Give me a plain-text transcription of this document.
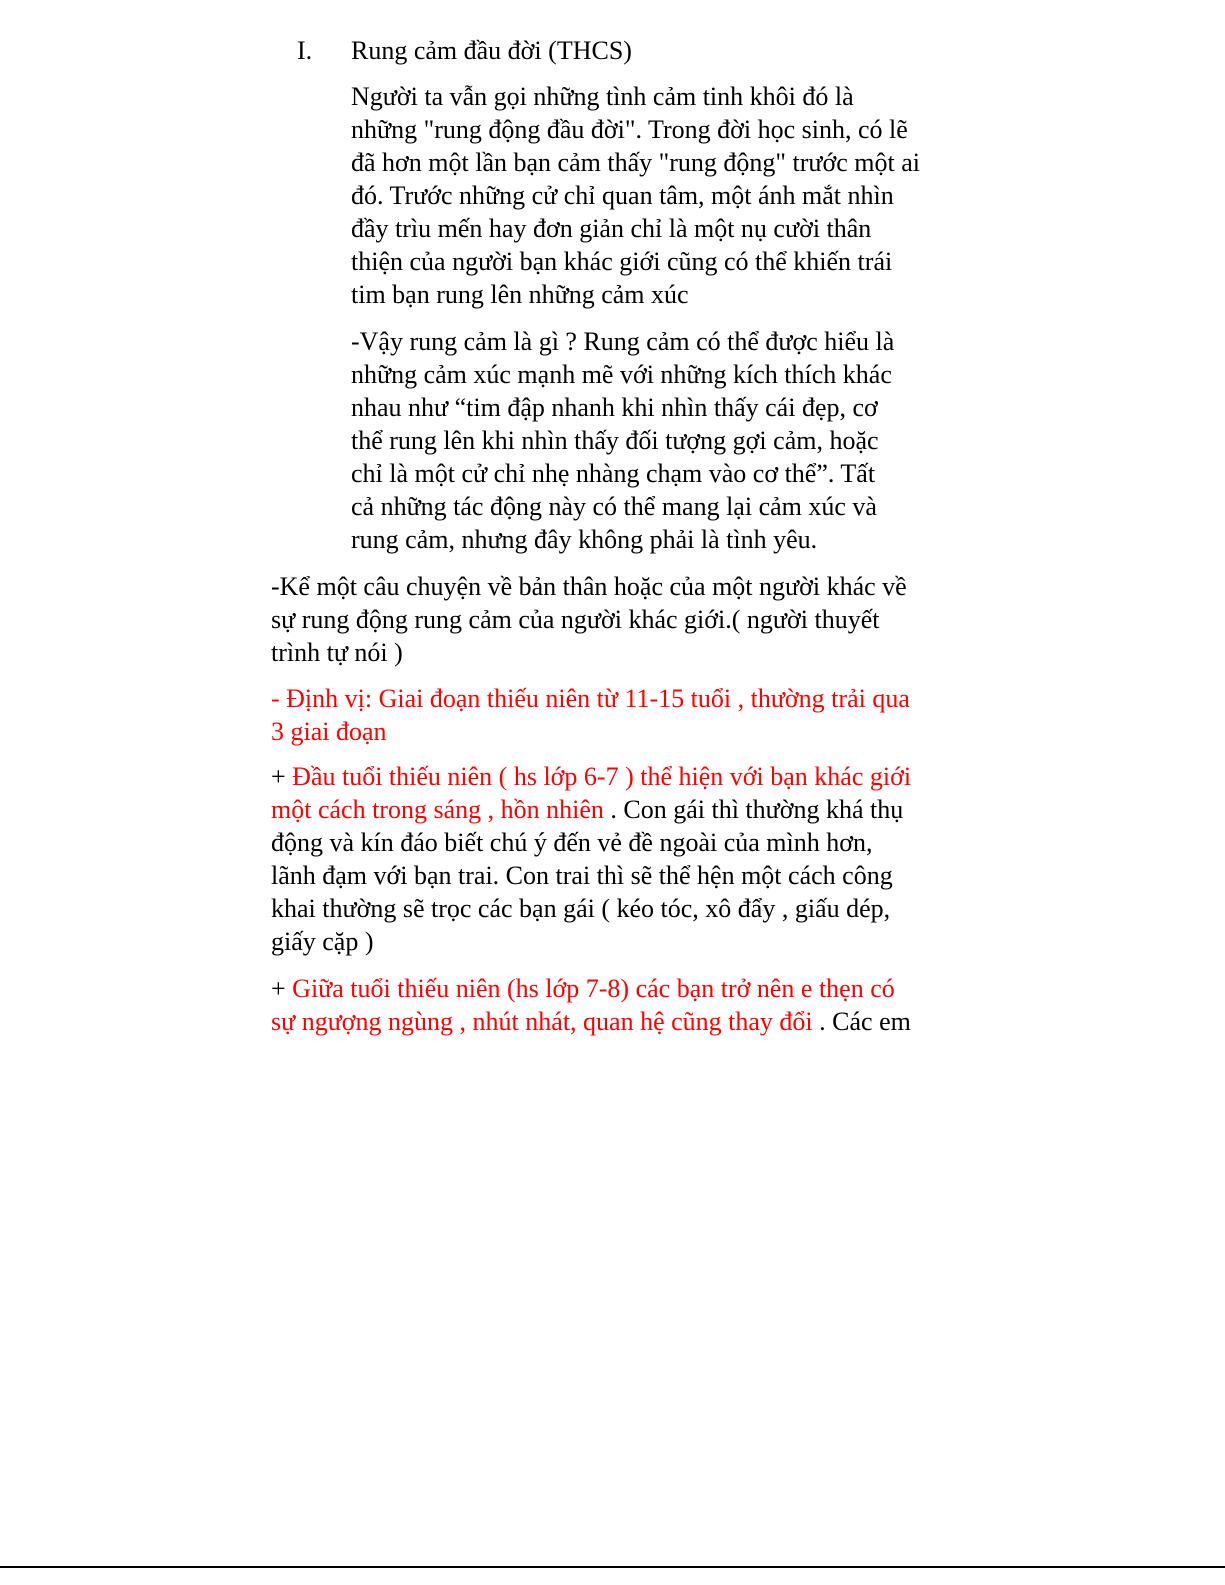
I. Rung cảm đầu đời (THCS)
Người ta vẫn gọi những tình cảm tinh khôi đó là
những "rung động đầu đời". Trong đời học sinh, có lẽ
đã hơn một lần bạn cảm thấy "rung động" trước một ai
đó. Trước những cử chỉ quan tâm, một ánh mắt nhìn
đầy trìu mến hay đơn giản chỉ là một nụ cười thân
thiện của người bạn khác giới cũng có thể khiến trái
tim bạn rung lên những cảm xúc
-Vậy rung cảm là gì ? Rung cảm có thể được hiểu là
những cảm xúc mạnh mẽ với những kích thích khác
nhau như “tim đập nhanh khi nhìn thấy cái đẹp, cơ
thể rung lên khi nhìn thấy đối tượng gợi cảm, hoặc
chỉ là một cử chỉ nhẹ nhàng chạm vào cơ thể”. Tất
cả những tác động này có thể mang lại cảm xúc và
rung cảm, nhưng đây không phải là tình yêu.
-Kể một câu chuyện về bản thân hoặc của một người khác về
sự rung động rung cảm của người khác giới.( người thuyết
trình tự nói )
- Định vị: Giai đoạn thiếu niên từ 11-15 tuổi , thường trải qua
3 giai đoạn
+ Đầu tuổi thiếu niên ( hs lớp 6-7 ) thể hiện với bạn khác giới
một cách trong sáng , hồn nhiên . Con gái thì thường khá thụ
động và kín đáo biết chú ý đến vẻ đề ngoài của mình hơn,
lãnh đạm với bạn trai. Con trai thì sẽ thể hện một cách công
khai thường sẽ trọc các bạn gái ( kéo tóc, xô đẩy , giấu dép,
giấy cặp )
+ Giữa tuổi thiếu niên (hs lớp 7-8) các bạn trở nên e thẹn có
sự ngượng ngùng , nhút nhát, quan hệ cũng thay đổi . Các em
